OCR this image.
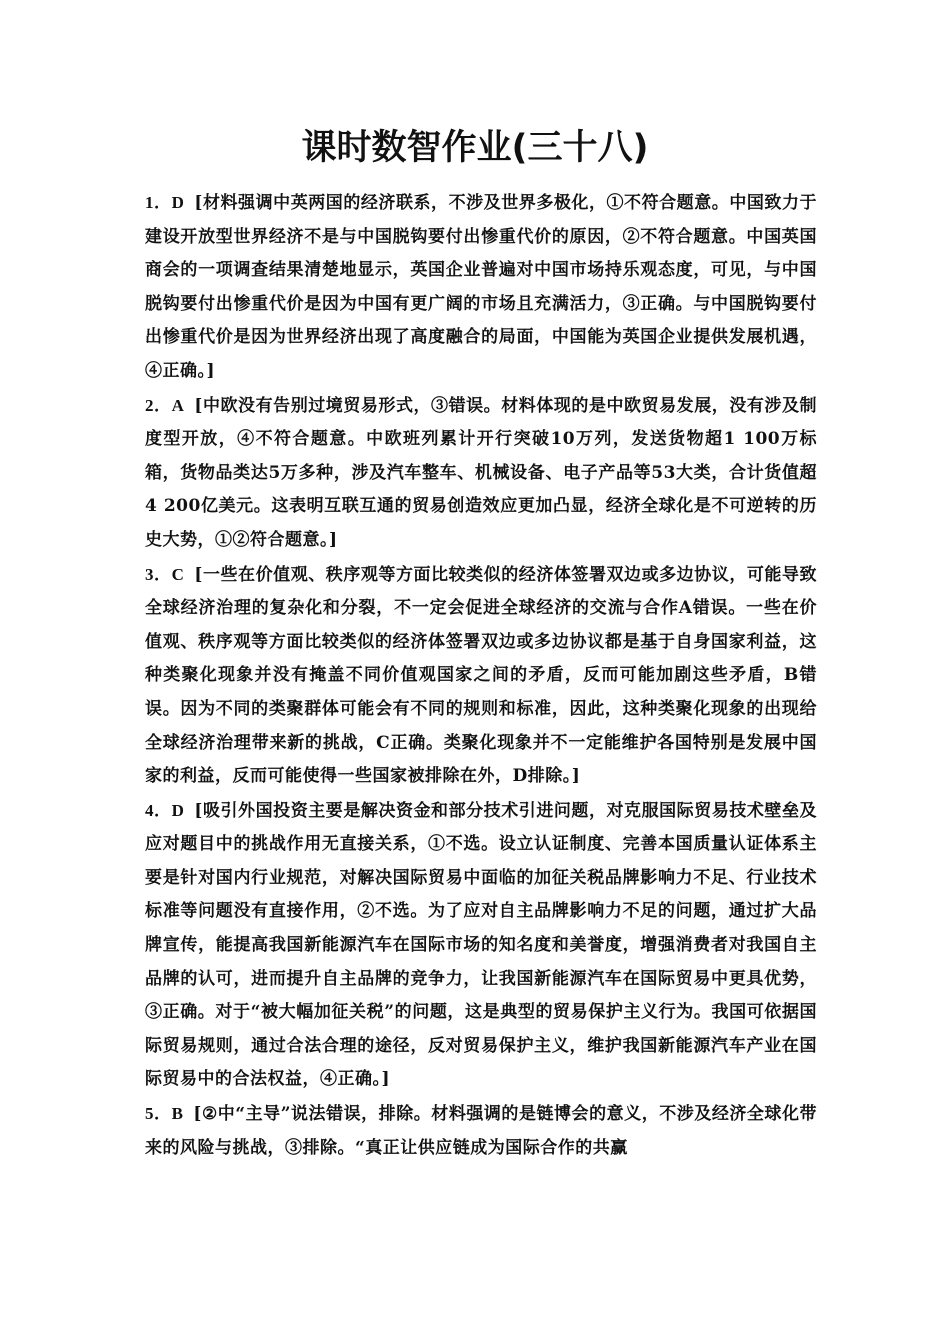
课时数智作业(三十八)

1．D [材料强调中英两国的经济联系，不涉及世界多极化，①不符合题意。中国致力于建设开放型世界经济不是与中国脱钩要付出惨重代价的原因，②不符合题意。中国英国商会的一项调查结果清楚地显示，英国企业普遍对中国市场持乐观态度，可见，与中国脱钩要付出惨重代价是因为中国有更广阔的市场且充满活力，③正确。与中国脱钩要付出惨重代价是因为世界经济出现了高度融合的局面，中国能为英国企业提供发展机遇，④正确。]

2．A [中欧没有告别过境贸易形式，③错误。材料体现的是中欧贸易发展，没有涉及制度型开放，④不符合题意。中欧班列累计开行突破10万列，发送货物超1 100万标箱，货物品类达5万多种，涉及汽车整车、机械设备、电子产品等53大类，合计货值超4 200亿美元。这表明互联互通的贸易创造效应更加凸显，经济全球化是不可逆转的历史大势，①②符合题意。]

3．C [一些在价值观、秩序观等方面比较类似的经济体签署双边或多边协议，可能导致全球经济治理的复杂化和分裂，不一定会促进全球经济的交流与合作A错误。一些在价值观、秩序观等方面比较类似的经济体签署双边或多边协议都是基于自身国家利益，这种类聚化现象并没有掩盖不同价值观国家之间的矛盾，反而可能加剧这些矛盾，B错误。因为不同的类聚群体可能会有不同的规则和标准，因此，这种类聚化现象的出现给全球经济治理带来新的挑战，C正确。类聚化现象并不一定能维护各国特别是发展中国家的利益，反而可能使得一些国家被排除在外，D排除。]

4．D [吸引外国投资主要是解决资金和部分技术引进问题，对克服国际贸易技术壁垒及应对题目中的挑战作用无直接关系，①不选。设立认证制度、完善本国质量认证体系主要是针对国内行业规范，对解决国际贸易中面临的加征关税品牌影响力不足、行业技术标准等问题没有直接作用，②不选。为了应对自主品牌影响力不足的问题，通过扩大品牌宣传，能提高我国新能源汽车在国际市场的知名度和美誉度，增强消费者对我国自主品牌的认可，进而提升自主品牌的竞争力，让我国新能源汽车在国际贸易中更具优势，③正确。对于“被大幅加征关税”的问题，这是典型的贸易保护主义行为。我国可依据国际贸易规则，通过合法合理的途径，反对贸易保护主义，维护我国新能源汽车产业在国际贸易中的合法权益，④正确。]

5．B [②中“主导”说法错误，排除。材料强调的是链博会的意义，不涉及经济全球化带来的风险与挑战，③排除。“真正让供应链成为国际合作的共赢
